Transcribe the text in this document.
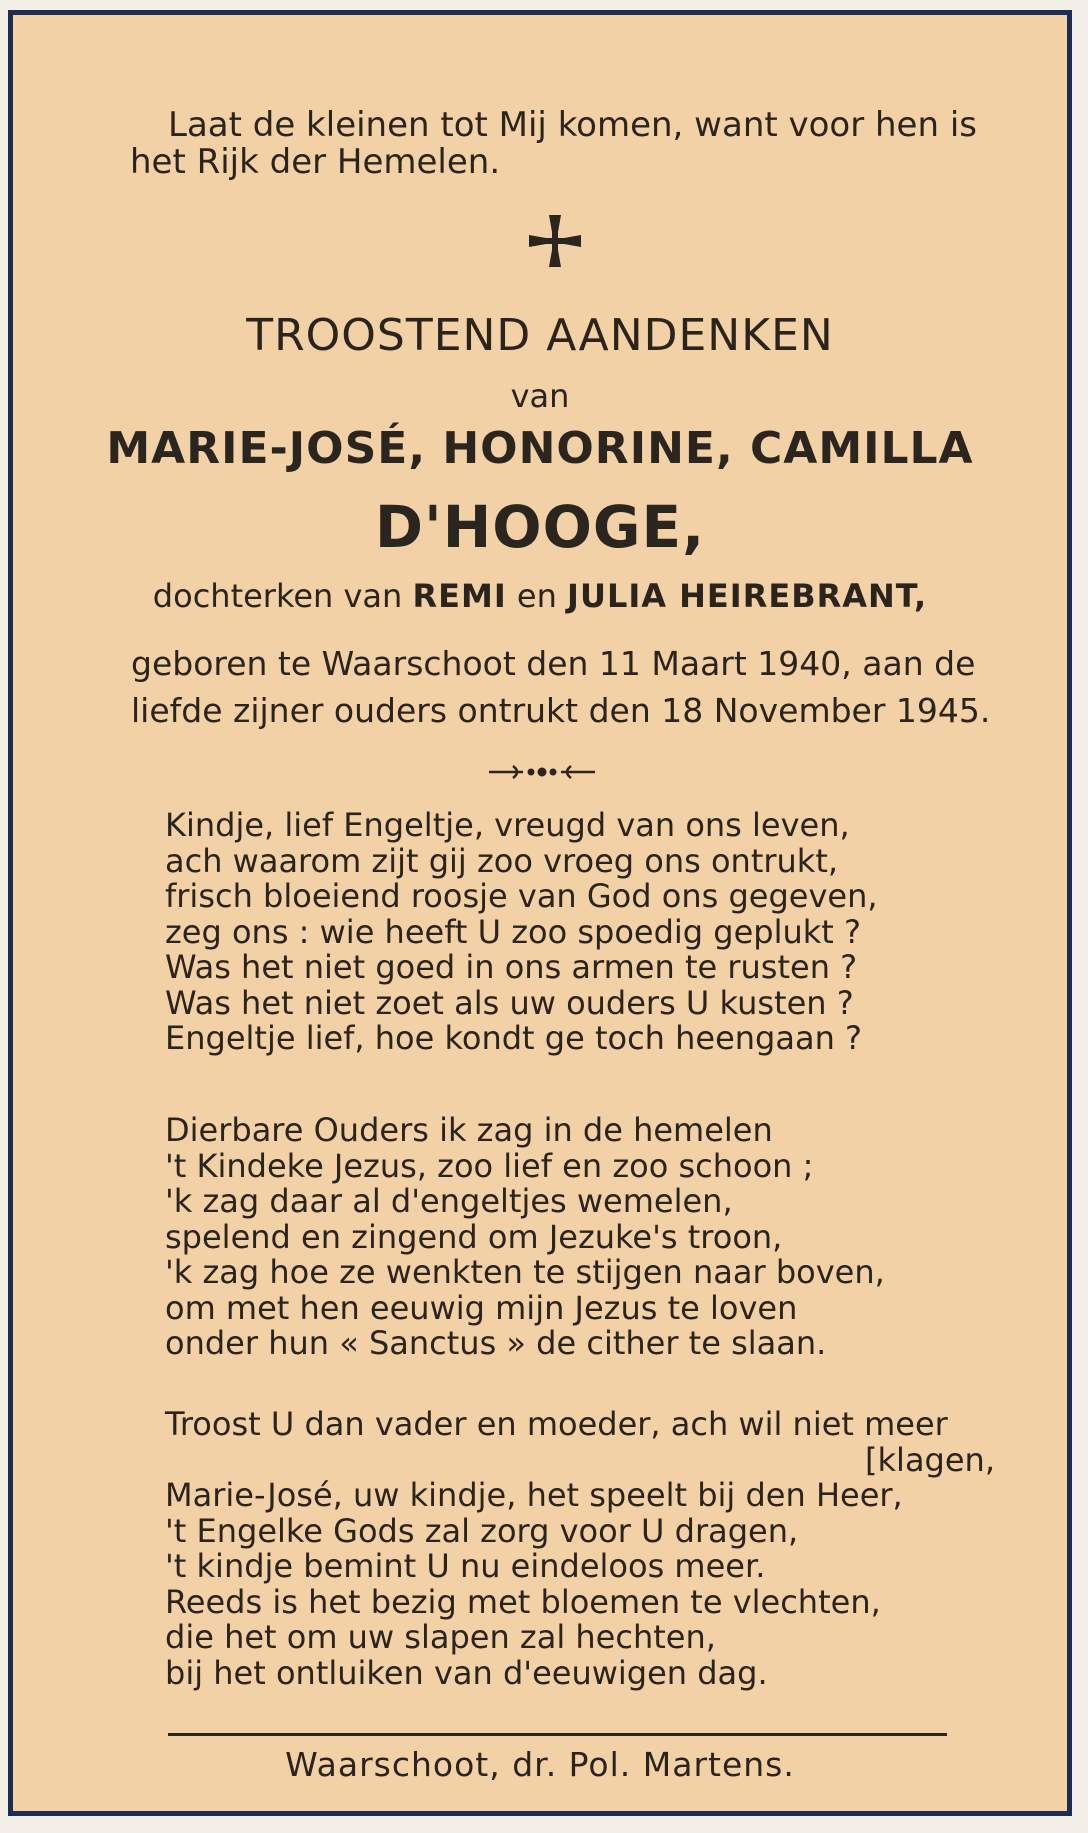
Laat de kleinen tot Mij komen, want voor hen is
het Rijk der Hemelen.
TROOSTEND AANDENKEN
van
MARIE-JOSÉ, HONORINE, CAMILLA
D'HOOGE,
dochterken van REMI en JULIA HEIREBRANT,
geboren te Waarschoot den 11 Maart 1940, aan de
liefde zijner ouders ontrukt den 18 November 1945.
Kindje, lief Engeltje, vreugd van ons leven,
ach waarom zijt gij zoo vroeg ons ontrukt,
frisch bloeiend roosje van God ons gegeven,
zeg ons : wie heeft U zoo spoedig geplukt ?
Was het niet goed in ons armen te rusten ?
Was het niet zoet als uw ouders U kusten ?
Engeltje lief, hoe kondt ge toch heengaan ?
Dierbare Ouders ik zag in de hemelen
't Kindeke Jezus, zoo lief en zoo schoon ;
'k zag daar al d'engeltjes wemelen,
spelend en zingend om Jezuke's troon,
'k zag hoe ze wenkten te stijgen naar boven,
om met hen eeuwig mijn Jezus te loven
onder hun « Sanctus » de cither te slaan.
Troost U dan vader en moeder, ach wil niet meer
[klagen,
Marie-José, uw kindje, het speelt bij den Heer,
't Engelke Gods zal zorg voor U dragen,
't kindje bemint U nu eindeloos meer.
Reeds is het bezig met bloemen te vlechten,
die het om uw slapen zal hechten,
bij het ontluiken van d'eeuwigen dag.
Waarschoot, dr. Pol. Martens.
